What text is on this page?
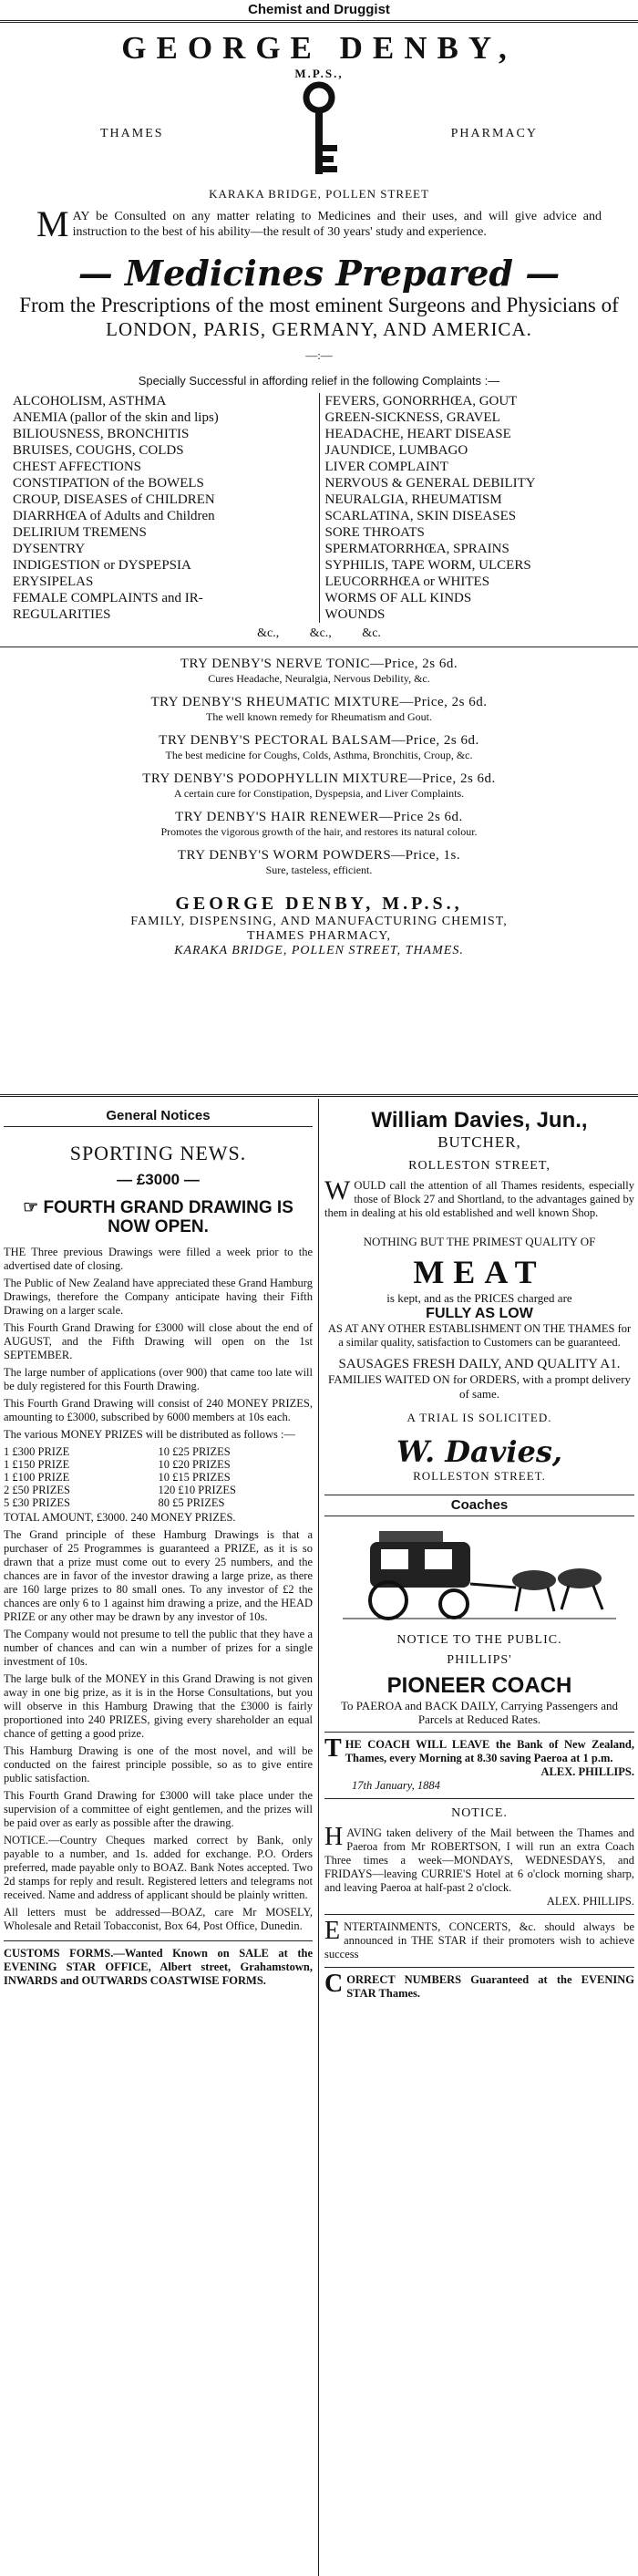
Chemist and Druggist
GEORGE DENBY,
M.P.S.,
THAMES	PHARMACY
KARAKA BRIDGE, POLLEN STREET
M AY be Consulted on any matter relating to Medicines and their uses, and will give advice and instruction to the best of his ability—the result of 30 years' study and experience.
— Medicines Prepared —
From the Prescriptions of the most eminent Surgeons and Physicians of
LONDON, PARIS, GERMANY, AND AMERICA.
—:—
Specially Successful in affording relief in the following Complaints :—
ALCOHOLISM, ASTHMA
ANEMIA (pallor of the skin and lips)
BILIOUSNESS, BRONCHITIS
BRUISES, COUGHS, COLDS
CHEST AFFECTIONS
CONSTIPATION of the BOWELS
CROUP, DISEASES of CHILDREN
DIARRHŒA of Adults and Children
DELIRIUM TREMENS
DYSENTRY
INDIGESTION or DYSPEPSIA
ERYSIPELAS
FEMALE COMPLAINTS and IR-
REGULARITIES
FEVERS, GONORRHŒA, GOUT
GREEN-SICKNESS, GRAVEL
HEADACHE, HEART DISEASE
JAUNDICE, LUMBAGO
LIVER COMPLAINT
NERVOUS & GENERAL DEBILITY
NEURALGIA, RHEUMATISM
SCARLATINA, SKIN DISEASES
SORE THROATS
SPERMATORRHŒA, SPRAINS
SYPHILIS, TAPE WORM, ULCERS
LEUCORRHŒA or WHITES
WORMS OF ALL KINDS
WOUNDS
&c., &c., &c.
TRY DENBY'S NERVE TONIC—Price, 2s 6d.
Cures Headache, Neuralgia, Nervous Debility, &c.
TRY DENBY'S RHEUMATIC MIXTURE—Price, 2s 6d.
The well known remedy for Rheumatism and Gout.
TRY DENBY'S PECTORAL BALSAM—Price, 2s 6d.
The best medicine for Coughs, Colds, Asthma, Bronchitis, Croup, &c.
TRY DENBY'S PODOPHYLLIN MIXTURE—Price, 2s 6d.
A certain cure for Constipation, Dyspepsia, and Liver Complaints.
TRY DENBY'S HAIR RENEWER—Price 2s 6d.
Promotes the vigorous growth of the hair, and restores its natural colour.
TRY DENBY'S WORM POWDERS—Price, 1s.
Sure, tasteless, efficient.
GEORGE DENBY, M.P.S.,
FAMILY, DISPENSING, AND MANUFACTURING CHEMIST,
THAMES PHARMACY,
KARAKA BRIDGE, POLLEN STREET, THAMES.
General Notices
SPORTING NEWS.
— £3000 —
☞ FOURTH GRAND DRAWING IS NOW OPEN.

THE Three previous Drawings were filled a week prior to the advertised date of closing.

The Public of New Zealand have appreciated these Grand Hamburg Drawings, therefore the Company anticipate having their Fifth Drawing on a larger scale.

This Fourth Grand Drawing for £3000 will close about the end of AUGUST, and the Fifth Drawing will open on the 1st SEPTEMBER.

The large number of applications (over 900) that came too late will be duly registered for this Fourth Drawing.

This Fourth Grand Drawing will consist of 240 MONEY PRIZES, amounting to £3000, subscribed by 6000 members at 10s each.

The various MONEY PRIZES will be distributed as follows :—

1 £300 PRIZE
1 £150 PRIZE
1 £100 PRIZE
2 £50 PRIZES
5 £30 PRIZES
10 £25 PRIZES
10 £20 PRIZES
10 £15 PRIZES
120 £10 PRIZES
80 £5 PRIZES
TOTAL AMOUNT, £3000. 240 MONEY PRIZES.

The Grand principle of these Hamburg Drawings is that a purchaser of 25 Programmes is guaranteed a PRIZE, as it is so drawn that a prize must come out to every 25 numbers, and the chances are in favor of the investor drawing a large prize, as there are 160 large prizes to 80 small ones. To any investor of £2 the chances are only 6 to 1 against him drawing a prize, and the HEAD PRIZE or any other may be drawn by any investor of 10s.

The Company would not presume to tell the public that they have a number of chances and can win a number of prizes for a single investment of 10s.

The large bulk of the MONEY in this Grand Drawing is not given away in one big prize, as it is in the Horse Consultations, but you will observe in this Hamburg Drawing that the £3000 is fairly proportioned into 240 PRIZES, giving every shareholder an equal chance of getting a good prize.

This Hamburg Drawing is one of the most novel, and will be conducted on the fairest principle possible, so as to give entire public satisfaction.

This Fourth Grand Drawing for £3000 will take place under the supervision of a committee of eight gentlemen, and the prizes will be paid over as early as possible after the drawing.

NOTICE.—Country Cheques marked correct by Bank, only payable to a number, and 1s. added for exchange. P.O. Orders preferred, made payable only to BOAZ. Bank Notes accepted. Two 2d stamps for reply and result. Registered letters and telegrams not received. Name and address of applicant should be plainly written.

All letters must be addressed—BOAZ, care Mr MOSELY, Wholesale and Retail Tobacconist, Box 64, Post Office, Dunedin.

CUSTOMS FORMS.—Wanted Known on SALE at the EVENING STAR OFFICE, Albert street, Grahamstown, INWARDS and OUTWARDS COASTWISE FORMS.
William Davies, Jun.,
BUTCHER,
ROLLESTON STREET,
W OULD call the attention of all Thames residents, especially those of Block 27 and Shortland, to the advantages gained by them in dealing at his old established and well known Shop.
NOTHING BUT THE PRIMEST QUALITY OF
MEAT
is kept, and as the PRICES charged are
FULLY AS LOW
AS AT ANY OTHER ESTABLISHMENT ON THE THAMES for a similar quality, satisfaction to Customers can be guaranteed.
SAUSAGES FRESH DAILY, AND QUALITY A1.
FAMILIES WAITED ON for ORDERS, with a prompt delivery of same.
A TRIAL IS SOLICITED.
W. Davies,
ROLLESTON STREET.
Coaches
NOTICE TO THE PUBLIC.
PHILLIPS'
PIONEER COACH
To PAEROA and BACK DAILY, Carrying Passengers and Parcels at Reduced Rates.
T HE COACH WILL LEAVE the Bank of New Zealand, Thames, every Morning at 8.30 saving Paeroa at 1 p.m.
ALEX. PHILLIPS.
17th January, 1884
NOTICE.
H AVING taken delivery of the Mail between the Thames and Paeroa from Mr ROBERTSON, I will run an extra Coach Three times a week—MONDAYS, WEDNESDAYS, and FRIDAYS—leaving CURRIE'S Hotel at 6 o'clock morning sharp, and leaving Paeroa at half-past 2 o'clock.
ALEX. PHILLIPS.
E NTERTAINMENTS, CONCERTS, &c. should always be announced in THE STAR if their promoters wish to achieve success
C ORRECT NUMBERS Guaranteed at the EVENING STAR Thames.
